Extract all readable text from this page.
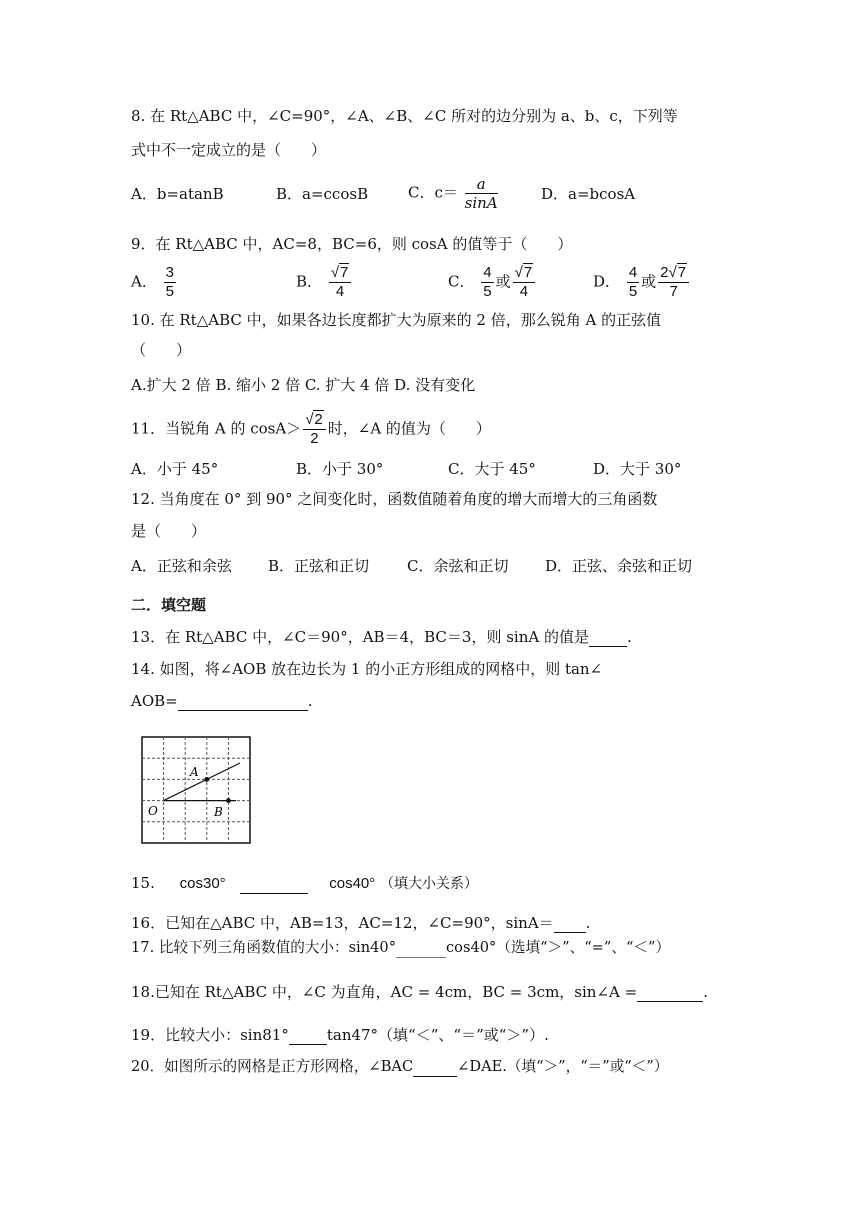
8. 在 Rt△ABC 中，∠C=90°，∠A、∠B、∠C 所对的边分别为 a、b、c，下列等
式中不一定成立的是（　　）
A．b=atanB	B．a=ccosB	C．$c= \frac{a}{\sin A}$	D．a=bcosA
9．在 Rt△ABC 中，AC=8，BC=6，则 cosA 的值等于（　　）
A． $\frac{3}{5}$	B． $\frac{√7}{4}$	C． $\frac{4}{5}$ 或 $\frac{√7}{4}$	D． $\frac{4}{5}$ 或 $\frac{2√7}{7}$
10. 在 Rt△ABC 中，如果各边长度都扩大为原来的 2 倍，那么锐角 A 的正弦值
（　　）
A.扩大 2 倍 B. 缩小 2 倍 C. 扩大 4 倍 D. 没有变化
11．当锐角 A 的 $\cos A> \frac{√2}{2}$ 时，∠A 的值为（　　）
A．小于 45°	B．小于 30°	C．大于 45°	D．大于 30°
12. 当角度在 0° 到 90° 之间变化时，函数值随着角度的增大而增大的三角函数
是（　　）
A．正弦和余弦 B．正弦和正切	C．余弦和正切 D．正弦、余弦和正切
二．填空题
13．在 Rt△ABC 中，∠C＝90°，AB＝4，BC＝3，则 sinA 的值是	.
14. 如图，将∠AOB 放在边长为 1 的小正方形组成的网格中，则 tan∠
AOB=	.
A
O	B
15. cos30°	cos40° （填大小关系）
16．已知在△ABC 中，AB=13，AC=12，∠C=90°，sinA＝ .
17. 比较下列三角函数值的大小：sin40°	cos40°（选填“＞”、“=”、“＜”）
18.已知在 Rt△ABC 中，∠C 为直角，AC = 4cm，BC = 3cm，sin∠A =	.
19．比较大小：sin81°	tan47°（填“＜”、“＝”或“＞”）.
20．如图所示的网格是正方形网格，∠BAC	∠DAE.（填“＞”，“＝”或“＜”）
